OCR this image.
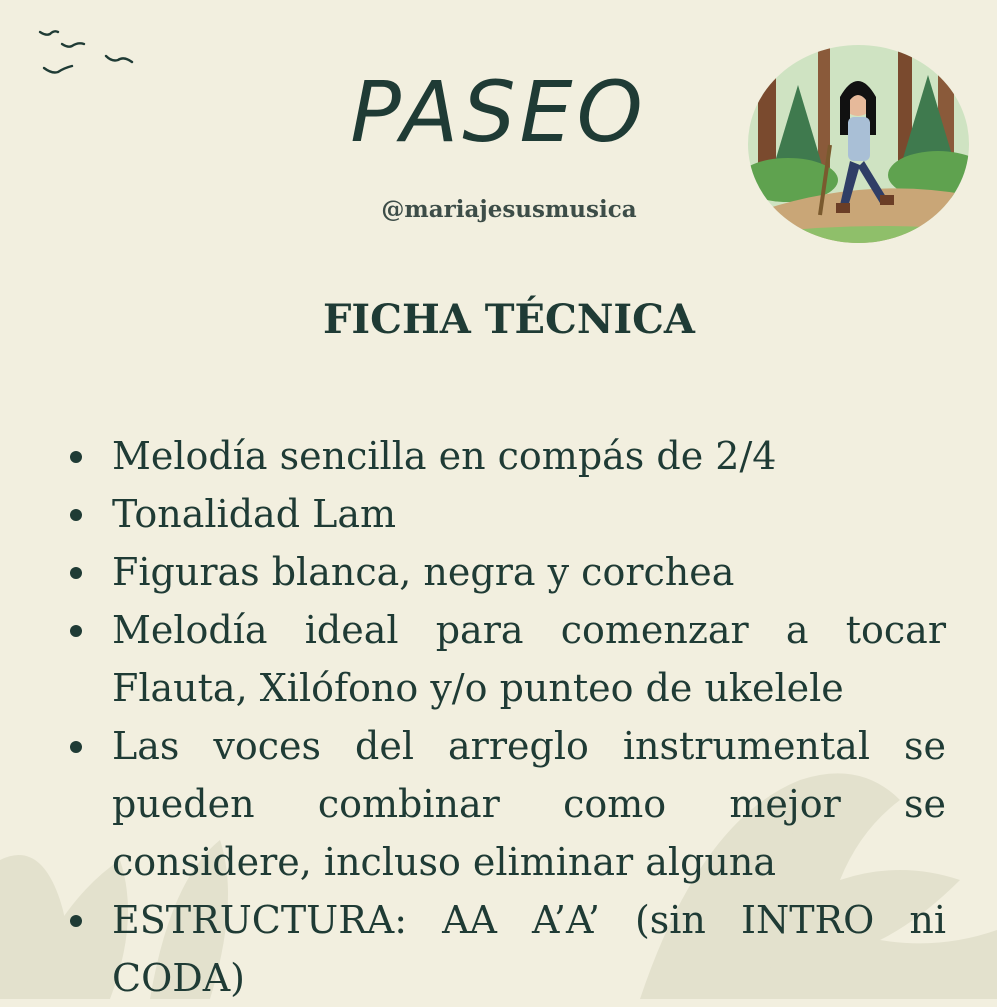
PASEO

@mariajesusmusica

FICHA TÉCNICA
Melodía sencilla en compás de 2/4
Tonalidad Lam
Figuras blanca, negra y corchea
Melodía ideal para comenzar a tocar Flauta, Xilófono y/o punteo de ukelele
Las voces del arreglo instrumental se pueden combinar como mejor se considere, incluso eliminar alguna
ESTRUCTURA: AA A’A’ (sin INTRO ni CODA)
